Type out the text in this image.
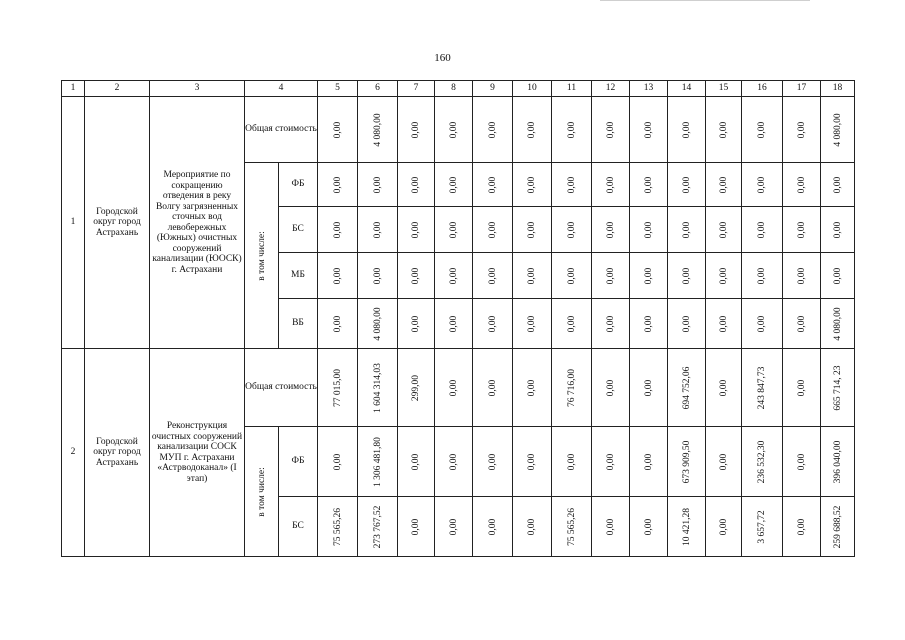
160
1	2	3	4		5	6	7	8	9	10	11	12	13	14	15	16	17	18
1	Городской округ город Астрахань	Мероприятие по сокращению отведения в реку Волгу загрязненных сточных вод левобережных (Южных) очистных сооружений канализации (ЮОСК) г. Астрахани	Общая стоимость		0,00	4 080,00	0,00	0,00	0,00	0,00	0,00	0,00	0,00	0,00	0,00	0,00	0,00	4 080,00

			в том числе:	ФБ	0,00	0,00	0,00	0,00	0,00	0,00	0,00	0,00	0,00	0,00	0,00	0,00	0,00	0,00

				БС	0,00	0,00	0,00	0,00	0,00	0,00	0,00	0,00	0,00	0,00	0,00	0,00	0,00	0,00

				МБ	0,00	0,00	0,00	0,00	0,00	0,00	0,00	0,00	0,00	0,00	0,00	0,00	0,00	0,00

				ВБ	0,00	4 080,00	0,00	0,00	0,00	0,00	0,00	0,00	0,00	0,00	0,00	0,00	0,00	4 080,00

2	Городской округ город Астрахань	Реконструкция очистных сооружений канализации СОСК МУП г. Астрахани «Астрводоканал» (I этап)	Общая стоимость		77 015,00	1 604 314,03	299,00	0,00	0,00	0,00	76 716,00	0,00	0,00	694 752,06	0,00	243 847,73	0,00	665 714, 23

			в том числе:	ФБ	0,00	1 306 481,80	0,00	0,00	0,00	0,00	0,00	0,00	0,00	673 909,50	0,00	236 532,30	0,00	396 040,00

				БС	75 565,26	273 767,52	0,00	0,00	0,00	0,00	75 565,26	0,00	0,00	10 421,28	0,00	3 657,72	0,00	259 688,52
